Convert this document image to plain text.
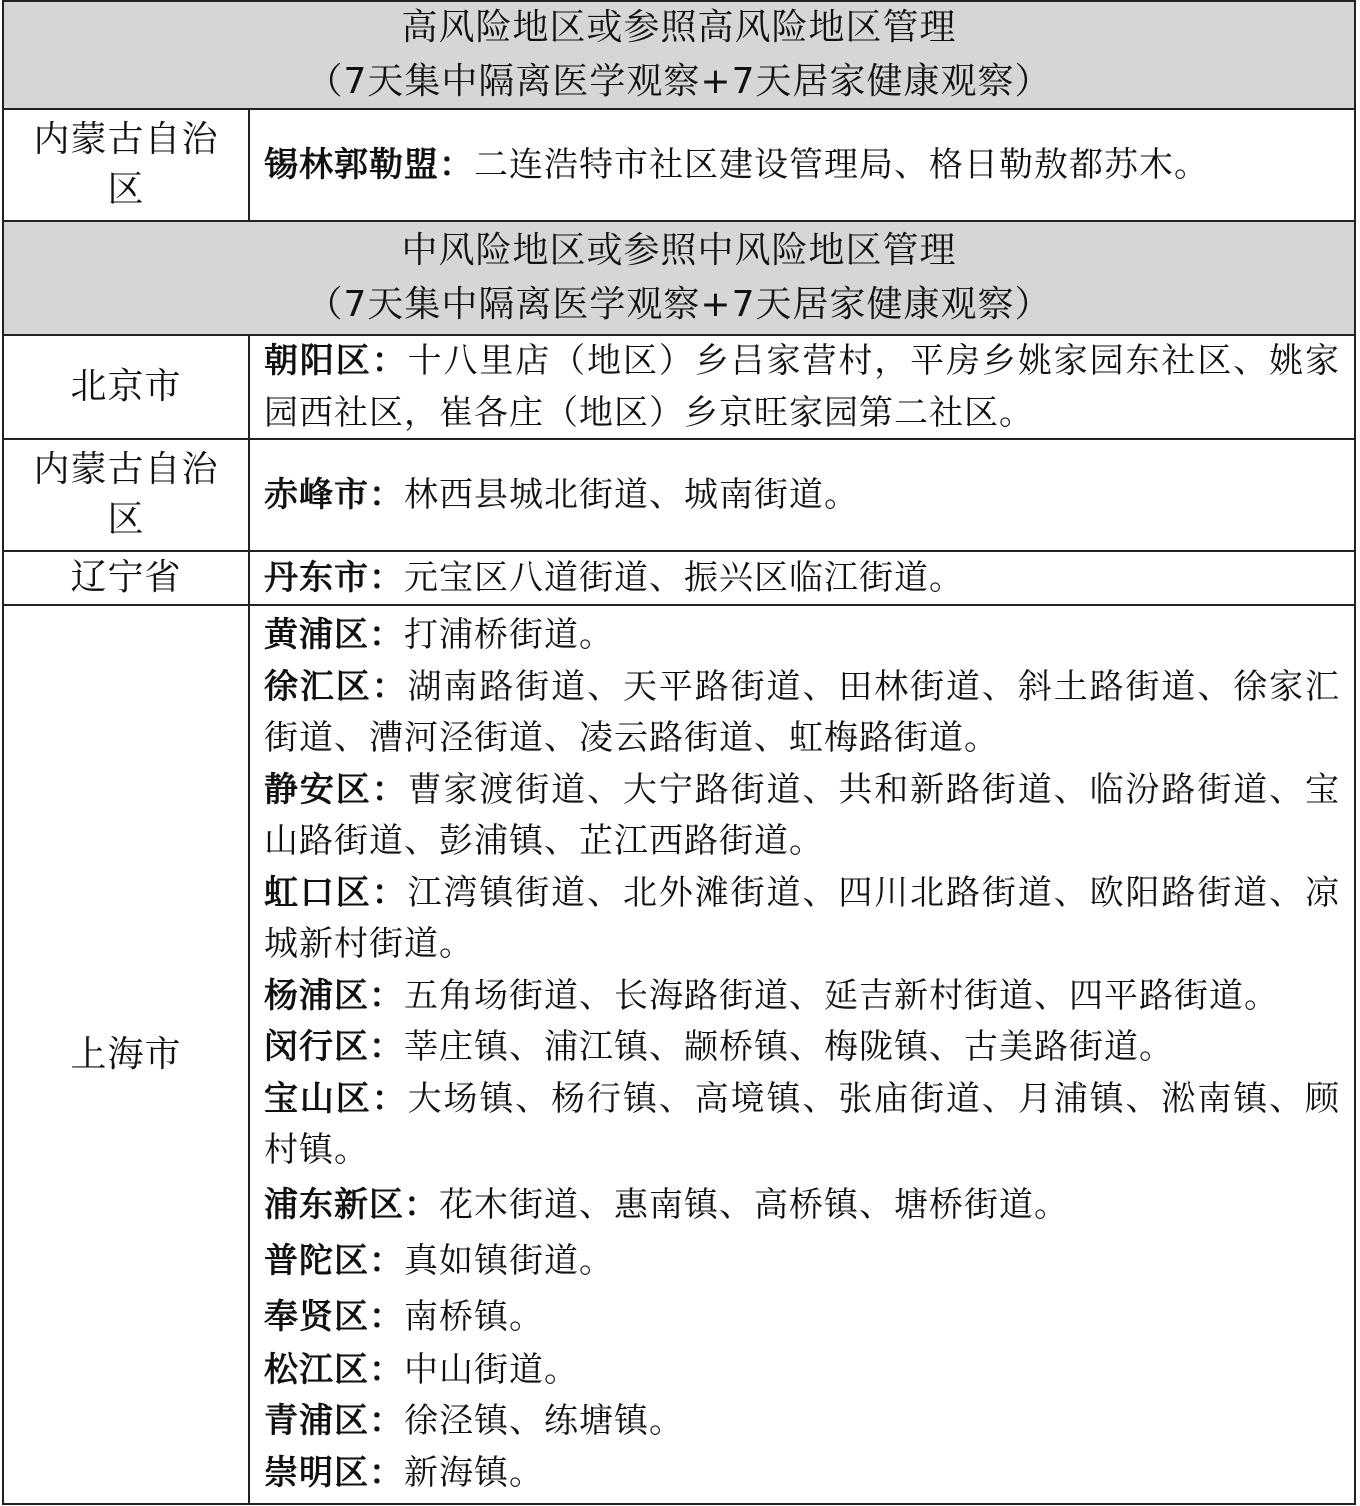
高风险地区或参照高风险地区管理
（7天集中隔离医学观察+7天居家健康观察）
内蒙古自治区
锡林郭勒盟：二连浩特市社区建设管理局、格日勒敖都苏木。
中风险地区或参照中风险地区管理
（7天集中隔离医学观察+7天居家健康观察）
北京市
朝阳区：十八里店（地区）乡吕家营村，平房乡姚家园东社区、姚家园西社区，崔各庄（地区）乡京旺家园第二社区。
内蒙古自治区
赤峰市：林西县城北街道、城南街道。
辽宁省	丹东市：元宝区八道街道、振兴区临江街道。
上海市
黄浦区：打浦桥街道。
徐汇区：湖南路街道、天平路街道、田林街道、斜土路街道、徐家汇街道、漕河泾街道、凌云路街道、虹梅路街道。
静安区：曹家渡街道、大宁路街道、共和新路街道、临汾路街道、宝山路街道、彭浦镇、芷江西路街道。
虹口区：江湾镇街道、北外滩街道、四川北路街道、欧阳路街道、凉城新村街道。
杨浦区：五角场街道、长海路街道、延吉新村街道、四平路街道。
闵行区：莘庄镇、浦江镇、颛桥镇、梅陇镇、古美路街道。
宝山区：大场镇、杨行镇、高境镇、张庙街道、月浦镇、淞南镇、顾村镇。
浦东新区：花木街道、惠南镇、高桥镇、塘桥街道。
普陀区：真如镇街道。
奉贤区：南桥镇。
松江区：中山街道。
青浦区：徐泾镇、练塘镇。
崇明区：新海镇。
